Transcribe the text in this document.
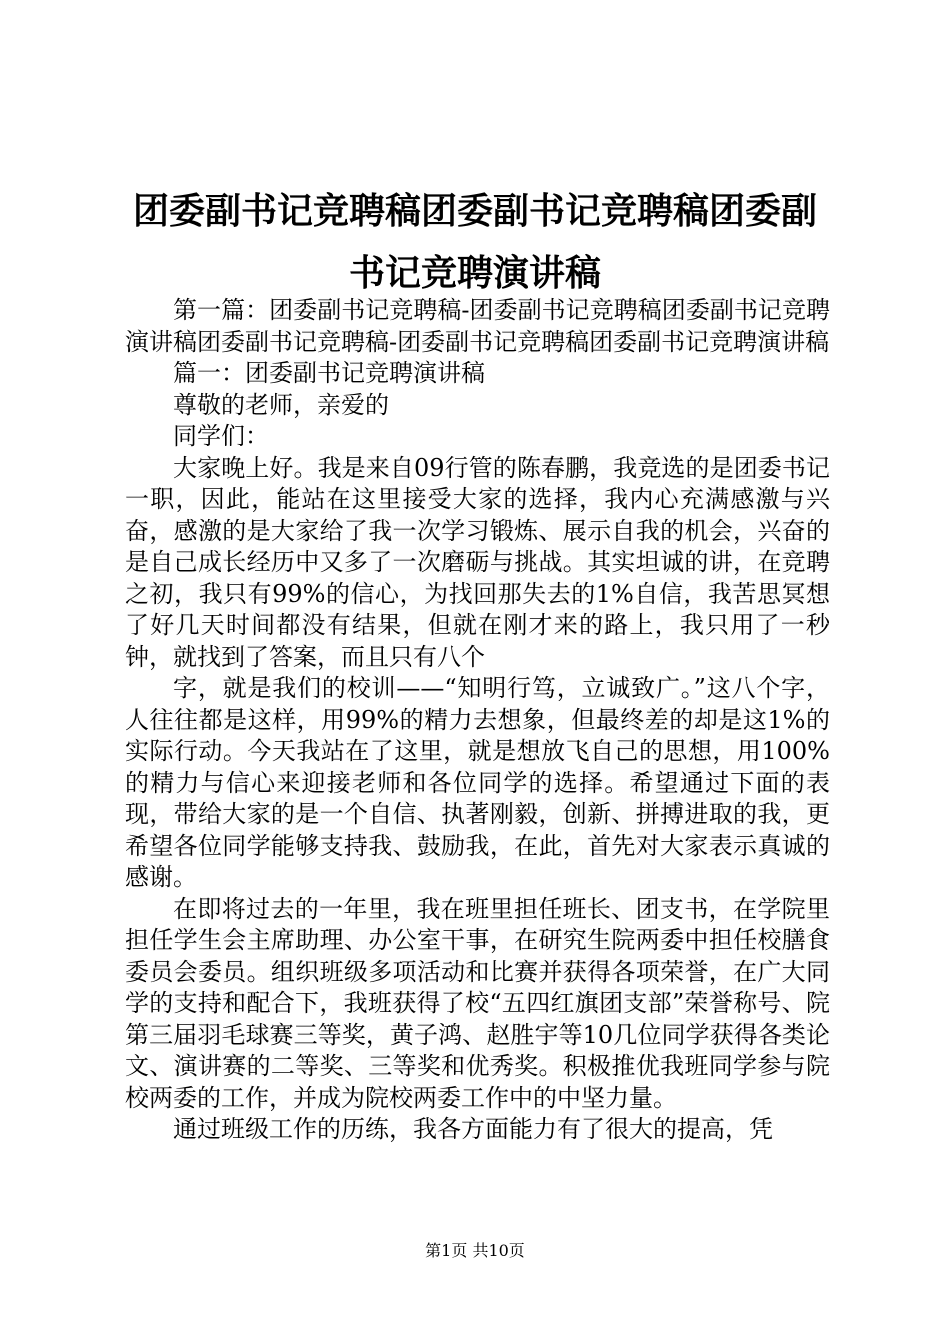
团委副书记竞聘稿团委副书记竞聘稿团委副书记竞聘演讲稿

第一篇：团委副书记竞聘稿-团委副书记竞聘稿团委副书记竞聘演讲稿团委副书记竞聘稿-团委副书记竞聘稿团委副书记竞聘演讲稿

篇一：团委副书记竞聘演讲稿

尊敬的老师，亲爱的

同学们：

大家晚上好。我是来自09行管的陈春鹏，我竞选的是团委书记一职，因此，能站在这里接受大家的选择，我内心充满感激与兴奋，感激的是大家给了我一次学习锻炼、展示自我的机会，兴奋的是自己成长经历中又多了一次磨砺与挑战。其实坦诚的讲，在竞聘之初，我只有99%的信心，为找回那失去的1%自信，我苦思冥想了好几天时间都没有结果，但就在刚才来的路上，我只用了一秒钟，就找到了答案，而且只有八个

字，就是我们的校训——“知明行笃，立诚致广。”这八个字，人往往都是这样，用99%的精力去想象，但最终差的却是这1%的实际行动。今天我站在了这里，就是想放飞自己的思想，用100%的精力与信心来迎接老师和各位同学的选择。希望通过下面的表现，带给大家的是一个自信、执著刚毅，创新、拼搏进取的我，更希望各位同学能够支持我、鼓励我，在此，首先对大家表示真诚的感谢。

在即将过去的一年里，我在班里担任班长、团支书，在学院里担任学生会主席助理、办公室干事，在研究生院两委中担任校膳食委员会委员。组织班级多项活动和比赛并获得各项荣誉，在广大同学的支持和配合下，我班获得了校“五四红旗团支部”荣誉称号、院第三届羽毛球赛三等奖，黄子鸿、赵胜宇等10几位同学获得各类论文、演讲赛的二等奖、三等奖和优秀奖。积极推优我班同学参与院校两委的工作，并成为院校两委工作中的中坚力量。

通过班级工作的历练，我各方面能力有了很大的提高，凭

第1页 共10页
